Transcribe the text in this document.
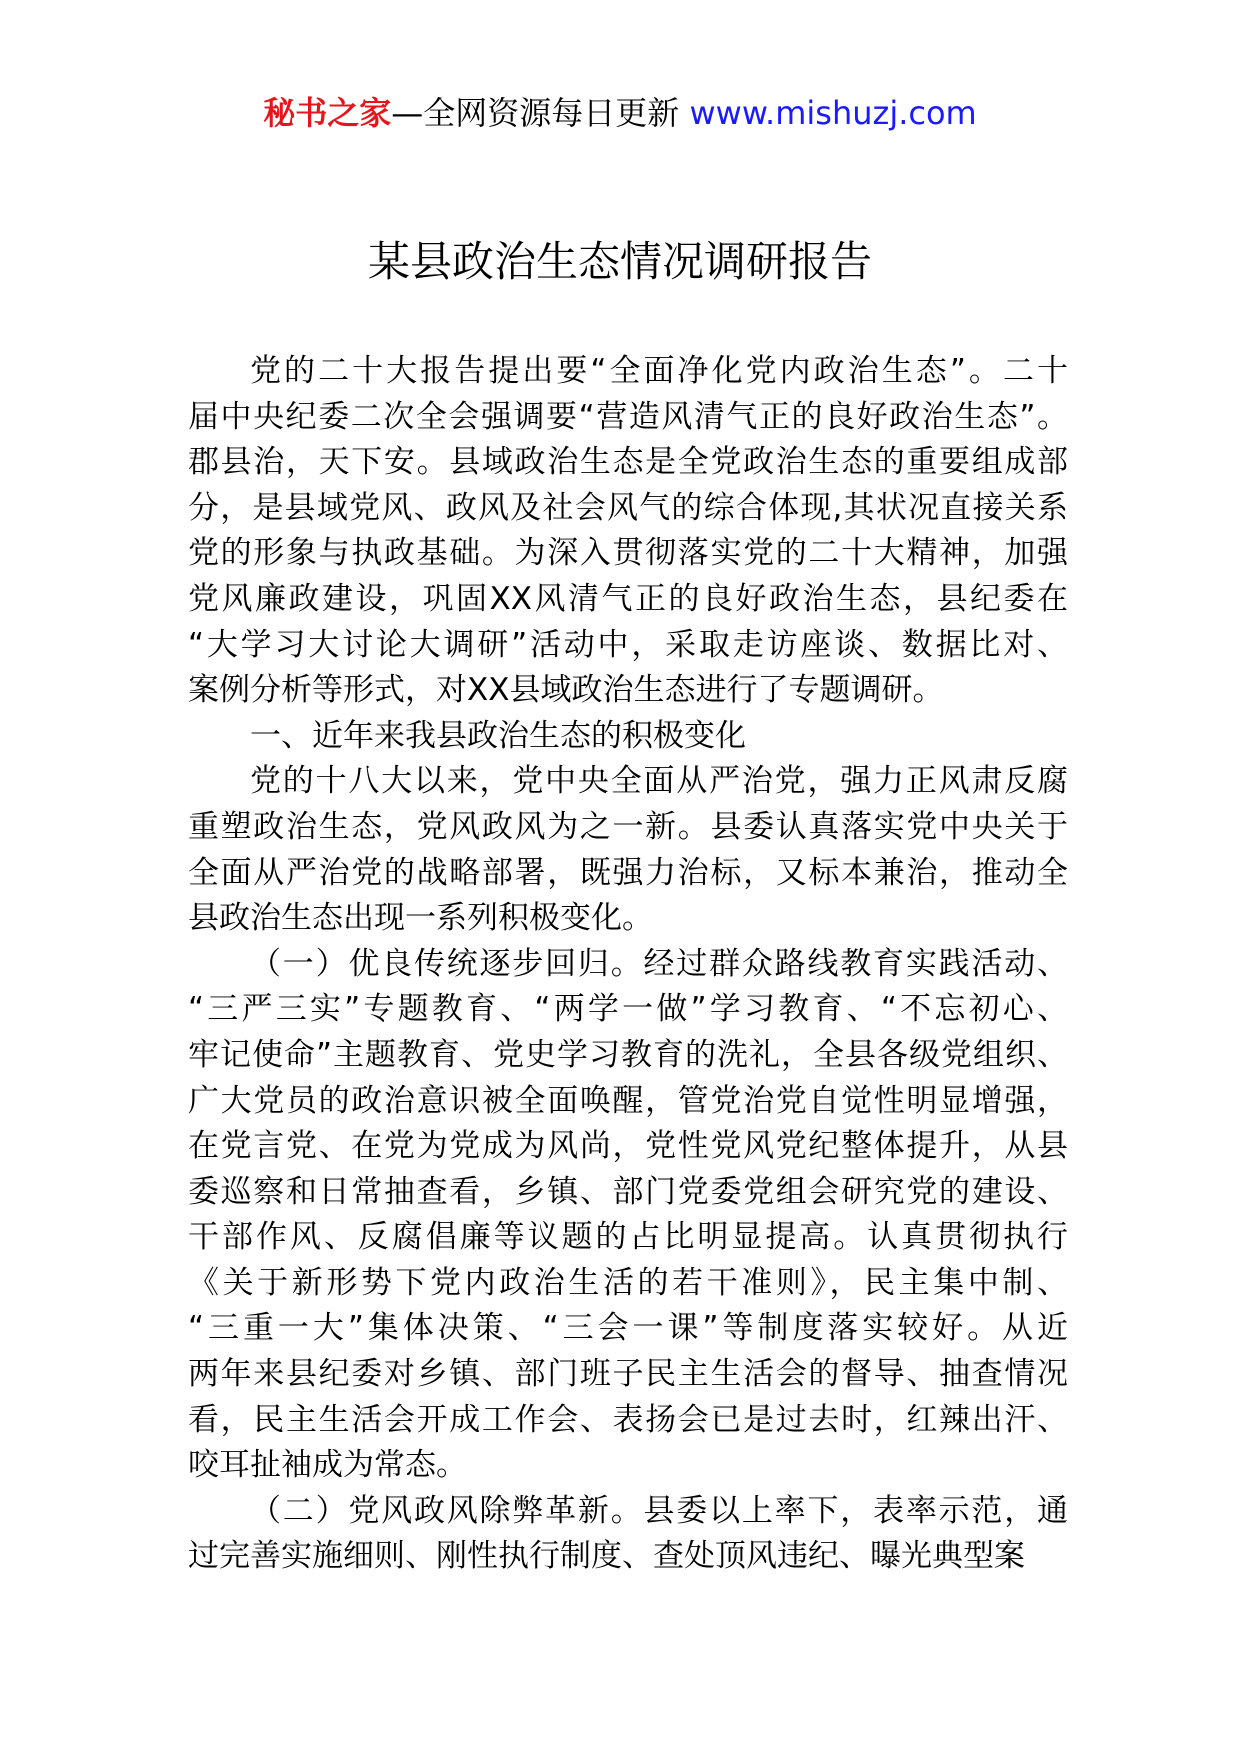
秘书之家—全网资源每日更新 www.mishuzj.com
某县政治生态情况调研报告
党的二十大报告提出要“全面净化党内政治生态”。二十
届中央纪委二次全会强调要“营造风清气正的良好政治生态”。
郡县治，天下安。县域政治生态是全党政治生态的重要组成部
分，是县域党风、政风及社会风气的综合体现,其状况直接关系
党的形象与执政基础。为深入贯彻落实党的二十大精神，加强
党风廉政建设，巩固XX风清气正的良好政治生态，县纪委在
“大学习大讨论大调研”活动中，采取走访座谈、数据比对、
案例分析等形式，对XX县域政治生态进行了专题调研。
一、近年来我县政治生态的积极变化
党的十八大以来，党中央全面从严治党，强力正风肃反腐
重塑政治生态，党风政风为之一新。县委认真落实党中央关于
全面从严治党的战略部署，既强力治标，又标本兼治，推动全
县政治生态出现一系列积极变化。
（一）优良传统逐步回归。经过群众路线教育实践活动、
“三严三实”专题教育、“两学一做”学习教育、“不忘初心、
牢记使命”主题教育、党史学习教育的洗礼，全县各级党组织、
广大党员的政治意识被全面唤醒，管党治党自觉性明显增强，
在党言党、在党为党成为风尚，党性党风党纪整体提升，从县
委巡察和日常抽查看，乡镇、部门党委党组会研究党的建设、
干部作风、反腐倡廉等议题的占比明显提高。认真贯彻执行
《关于新形势下党内政治生活的若干准则》，民主集中制、
“三重一大”集体决策、“三会一课”等制度落实较好。从近
两年来县纪委对乡镇、部门班子民主生活会的督导、抽查情况
看，民主生活会开成工作会、表扬会已是过去时，红辣出汗、
咬耳扯袖成为常态。
（二）党风政风除弊革新。县委以上率下，表率示范，通
过完善实施细则、刚性执行制度、查处顶风违纪、曝光典型案
